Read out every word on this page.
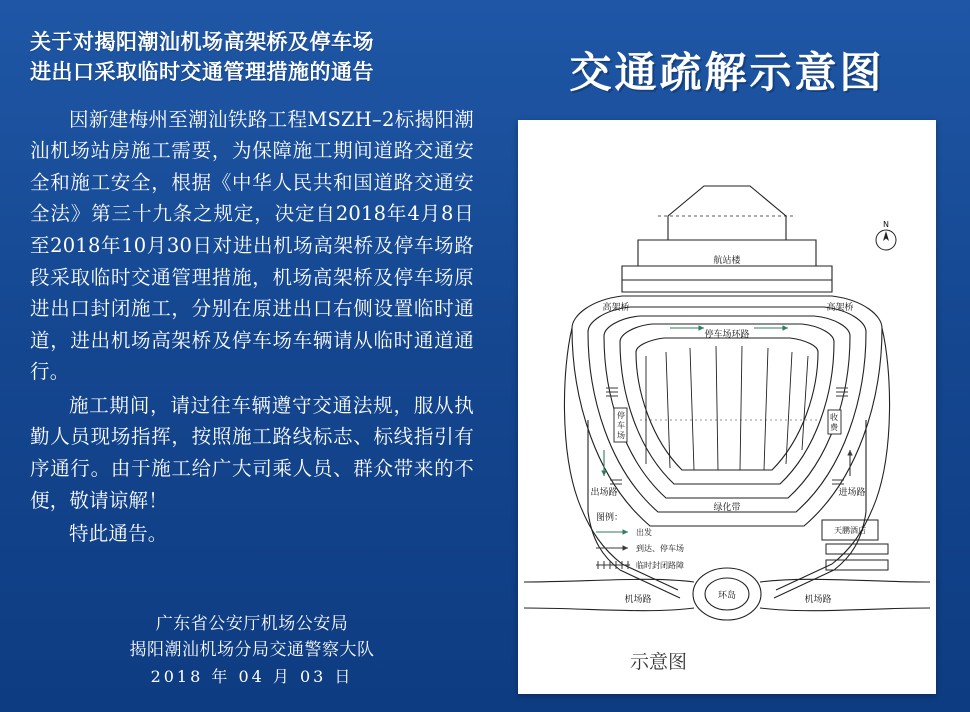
关于对揭阳潮汕机场高架桥及停车场
进出口采取临时交通管理措施的通告

因新建梅州至潮汕铁路工程MSZH–2标揭阳潮汕机场站房施工需要，为保障施工期间道路交通安全和施工安全，根据《中华人民共和国道路交通安全法》第三十九条之规定，决定自2018年4月8日至2018年10月30日对进出机场高架桥及停车场路段采取临时交通管理措施，机场高架桥及停车场原进出口封闭施工，分别在原进出口右侧设置临时通道，进出机场高架桥及停车场车辆请从临时通道通行。

施工期间，请过往车辆遵守交通法规，服从执勤人员现场指挥，按照施工路线标志、标线指引有序通行。由于施工给广大司乘人员、群众带来的不便，敬请谅解！

特此通告。

广东省公安厅机场公安局
揭阳潮汕机场分局交通警察大队
2018 年 04 月 03 日
交通疏解示意图
航站楼
N
停车场环路
高架桥	高架桥
停
车
场
收
费
出场路	进场路
绿化带
环岛
机场路	机场路
天鹏酒店
图例：
出发
到达、停车场
临时封闭路障
示意图
